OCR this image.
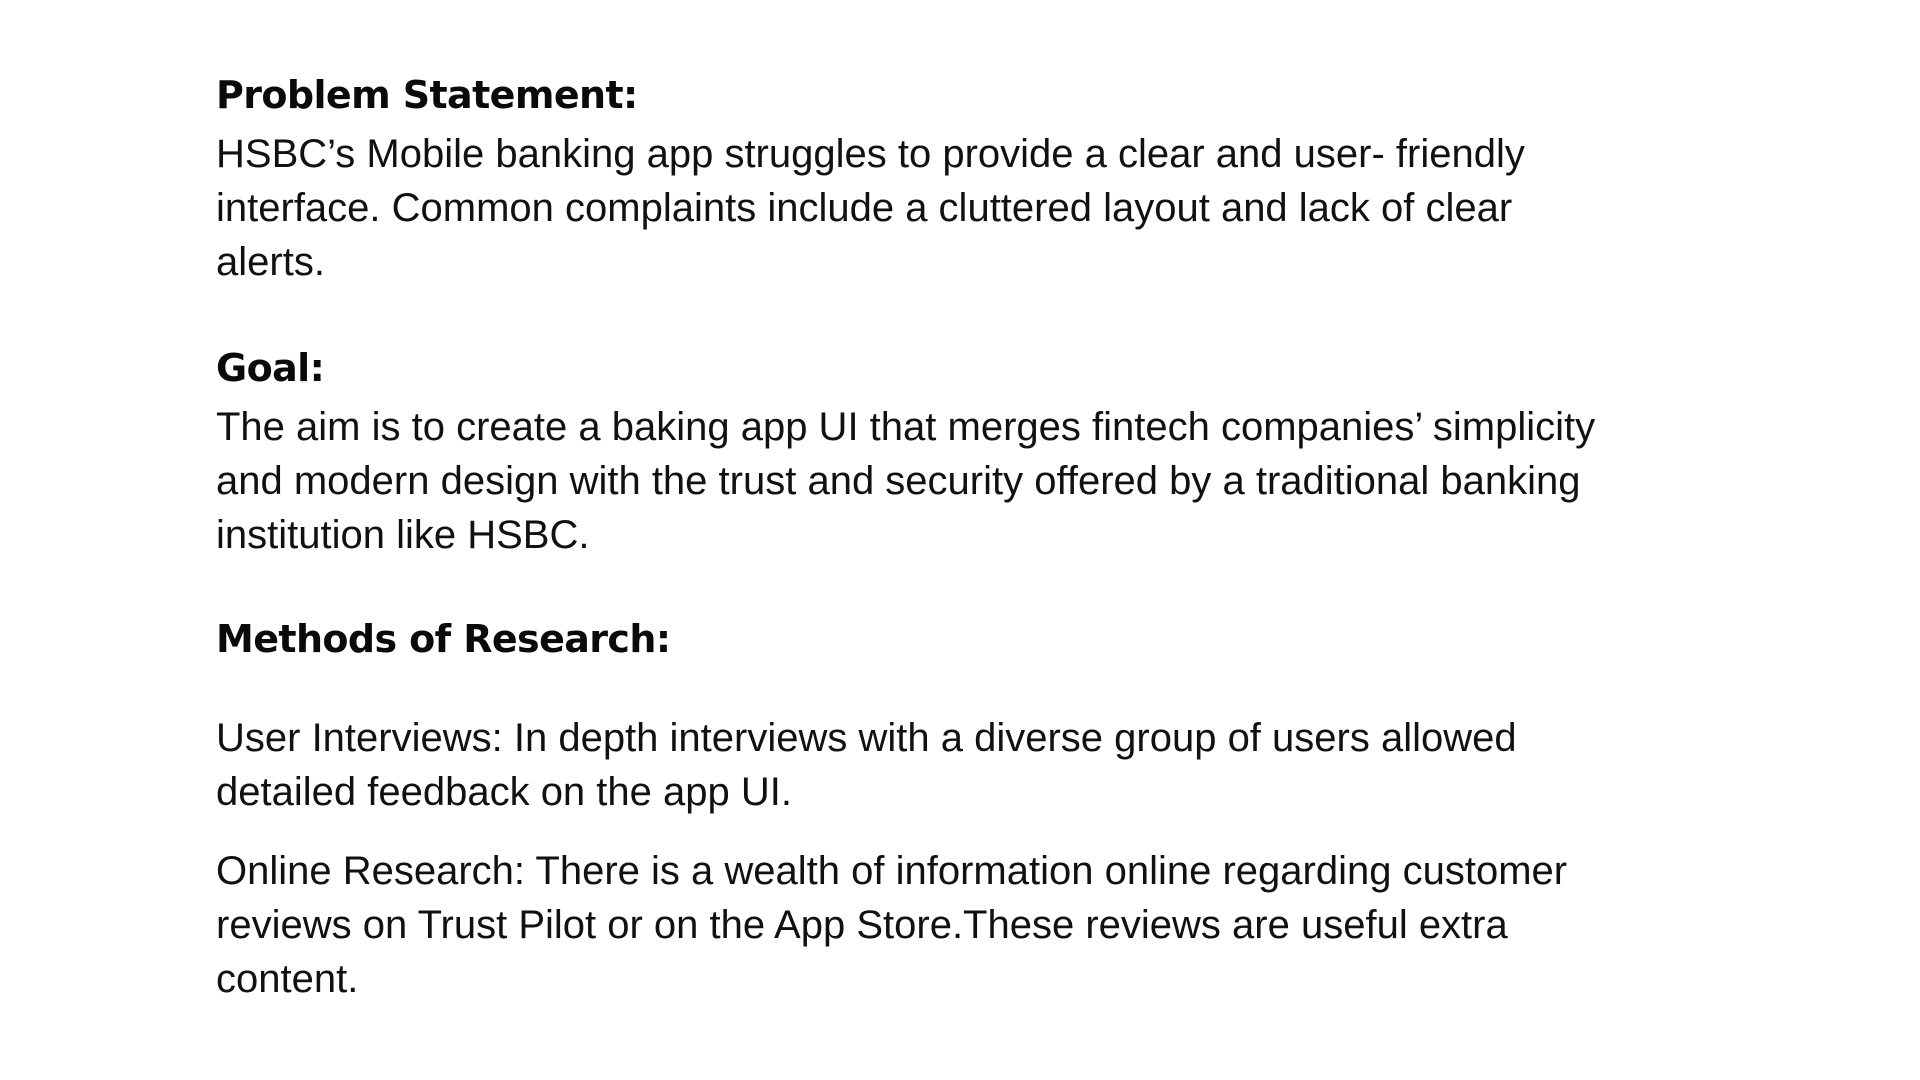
Problem Statement:

HSBC’s Mobile banking app struggles to provide a clear and user- friendly
interface. Common complaints include a cluttered layout and lack of clear
alerts.

Goal:

The aim is to create a baking app UI that merges fintech companies’ simplicity
and modern design with the trust and security offered by a traditional banking
institution like HSBC.

Methods of Research:

User Interviews: In depth interviews with a diverse group of users allowed
detailed feedback on the app UI.

Online Research: There is a wealth of information online regarding customer
reviews on Trust Pilot or on the App Store.These reviews are useful extra
content.
